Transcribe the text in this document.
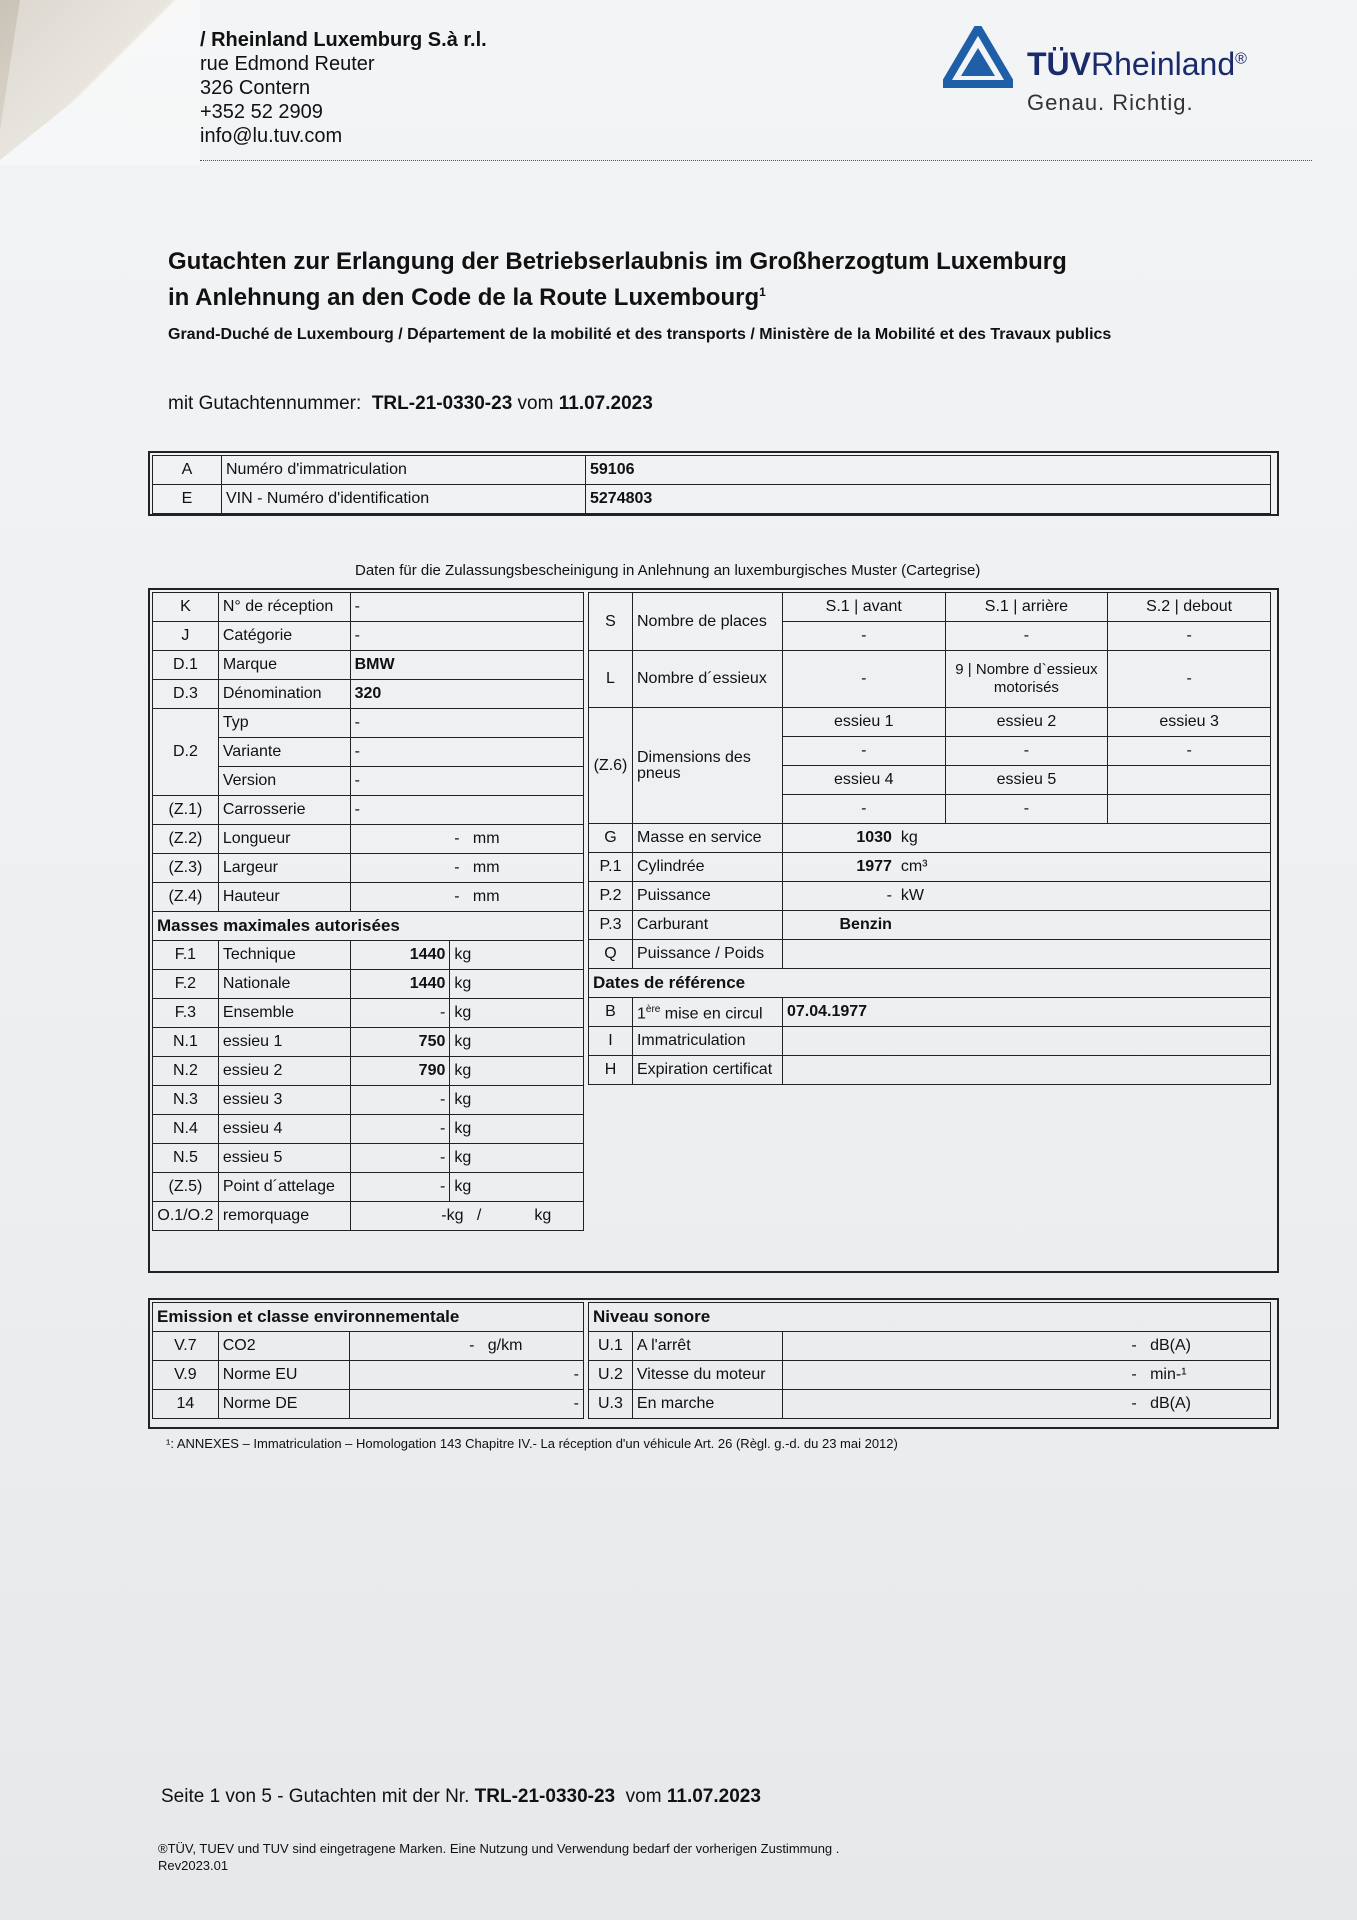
/ Rheinland Luxemburg S.à r.l.
rue Edmond Reuter
326 Contern
+352 52 2909
info@lu.tuv.com
TÜVRheinland®
Genau. Richtig.
Gutachten zur Erlangung der Betriebserlaubnis im Großherzogtum Luxemburg
in Anlehnung an den Code de la Route Luxembourg$^1$
Grand-Duché de Luxembourg / Département de la mobilité et des transports / Ministère de la Mobilité et des Travaux publics
mit Gutachtennummer: TRL-21-0330-23 vom 11.07.2023
A	Numéro d'immatriculation	59106
E	VIN - Numéro d'identification	5274803
Daten für die Zulassungsbescheinigung in Anlehnung an luxemburgisches Muster (Cartegrise)
K	N° de réception	-	
J	Catégorie	-	
D.1	Marque	BMW	
D.3	Dénomination	320	
D.2	Typ	-	
	Variante	-	
	Version	-	
(Z.1)	Carrosserie	-	
(Z.2)	Longueur	- mm	
(Z.3)	Largeur	- mm	
(Z.4)	Hauteur	- mm	
Masses maximales autorisées			
F.1	Technique	1440	kg
F.2	Nationale	1440	kg
F.3	Ensemble	-	kg
N.1	essieu 1	750	kg
N.2	essieu 2	790	kg
N.3	essieu 3	-	kg
N.4	essieu 4	-	kg
N.5	essieu 5	-	kg
(Z.5)	Point d´attelage	-	kg
O.1/O.2	remorquage	-kg / kg	
S	Nombre de places	S.1 | avant	S.1 | arrière	S.2 | debout
		-	-	-
L	Nombre d´essieux	-	9 | Nombre d`essieux motorisés	-
(Z.6)	Dimensions des pneus	essieu 1	essieu 2	essieu 3
		-	-	-
		essieu 4	essieu 5	
		-	-	
G	Masse en service	1030 kg		
P.1	Cylindrée	1977 cm³		
P.2	Puissance	- kW		
P.3	Carburant	Benzin		
Q	Puissance / Poids			
Dates de référence				
B	1ère mise en circul	07.04.1977		
I	Immatriculation			
H	Expiration certificat			
Emission et classe environnementale		
V.7	CO2	- g/km
V.9	Norme EU	-
14	Norme DE	-
Niveau sonore		
U.1	A l'arrêt	- dB(A)
U.2	Vitesse du moteur	- min-¹
U.3	En marche	- dB(A)
¹: ANNEXES – Immatriculation – Homologation 143 Chapitre IV.- La réception d'un véhicule Art. 26 (Règl. g.-d. du 23 mai 2012)
Seite 1 von 5 - Gutachten mit der Nr. TRL-21-0330-23 vom 11.07.2023
®TÜV, TUEV und TUV sind eingetragene Marken. Eine Nutzung und Verwendung bedarf der vorherigen Zustimmung .
Rev2023.01
